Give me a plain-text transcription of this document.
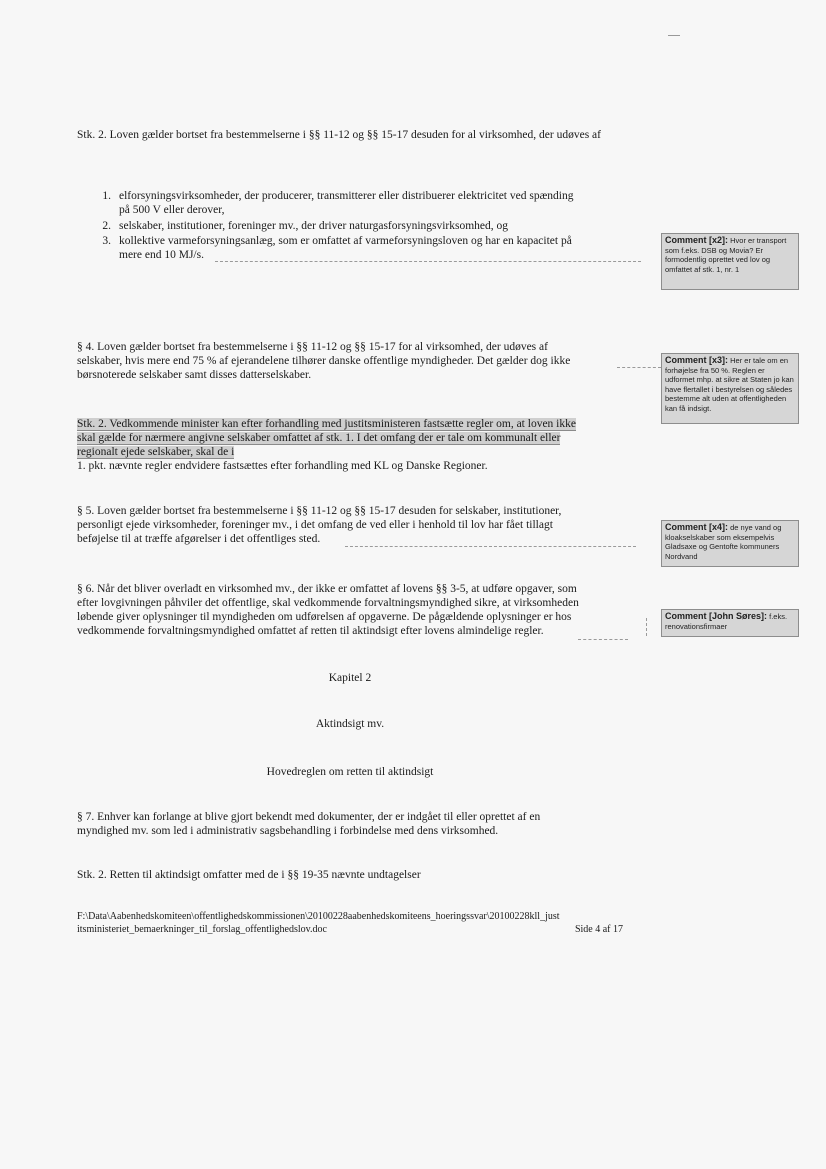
Stk. 2. Loven gælder bortset fra bestemmelserne i §§ 11-12 og §§ 15-17 desuden for al virksomhed, der udøves af
1. elforsyningsvirksomheder, der producerer, transmitterer eller distribuerer elektricitet ved spænding
på 500 V eller derover,
2. selskaber, institutioner, foreninger mv., der driver naturgasforsyningsvirksomhed, og
3. kollektive varmeforsyningsanlæg, som er omfattet af varmeforsyningsloven og har en kapacitet på
mere end 10 MJ/s.
§ 4. Loven gælder bortset fra bestemmelserne i §§ 11-12 og §§ 15-17 for al virksomhed, der udøves af
selskaber, hvis mere end 75 % af ejerandelene tilhører danske offentlige myndigheder. Det gælder dog ikke
børsnoterede selskaber samt disses datterselskaber.
Stk. 2. Vedkommende minister kan efter forhandling med justitsministeren fastsætte regler om, at loven ikke
skal gælde for nærmere angivne selskaber omfattet af stk. 1. I det omfang der er tale om kommunalt eller
regionalt ejede selskaber, skal de i
1. pkt. nævnte regler endvidere fastsættes efter forhandling med KL og Danske Regioner.
§ 5. Loven gælder bortset fra bestemmelserne i §§ 11-12 og §§ 15-17 desuden for selskaber, institutioner,
personligt ejede virksomheder, foreninger mv., i det omfang de ved eller i henhold til lov har fået tillagt
beføjelse til at træffe afgørelser i det offentliges sted.
§ 6. Når det bliver overladt en virksomhed mv., der ikke er omfattet af lovens §§ 3-5, at udføre opgaver, som
efter lovgivningen påhviler det offentlige, skal vedkommende forvaltningsmyndighed sikre, at virksomheden
løbende giver oplysninger til myndigheden om udførelsen af opgaverne. De pågældende oplysninger er hos
vedkommende forvaltningsmyndighed omfattet af retten til aktindsigt efter lovens almindelige regler.
Kapitel 2
Aktindsigt mv.
Hovedreglen om retten til aktindsigt
§ 7. Enhver kan forlange at blive gjort bekendt med dokumenter, der er indgået til eller oprettet af en
myndighed mv. som led i administrativ sagsbehandling i forbindelse med dens virksomhed.
Stk. 2. Retten til aktindsigt omfatter med de i §§ 19-35 nævnte undtagelser
F:\Data\Aabenhedskomiteen\offentlighedskommissionen\20100228aabenhedskomiteens_hoeringssvar\20100228kll_just
itsministeriet_bemaerkninger_til_forslag_offentlighedslov.doc	Side 4 af 17
Comment [x2]: Hvor er transport som f.eks. DSB og Movia? Er formodentlig oprettet ved lov og omfattet af stk. 1, nr. 1
Comment [x3]: Her er tale om en forhøjelse fra 50 %. Reglen er udformet mhp. at sikre at Staten jo kan have flertallet i bestyrelsen og således bestemme alt uden at offentligheden kan få indsigt.
Comment [x4]: de nye vand og kloakselskaber som eksempelvis Gladsaxe og Gentofte kommuners Nordvand
Comment [John Søres]: f.eks. renovationsfirmaer
